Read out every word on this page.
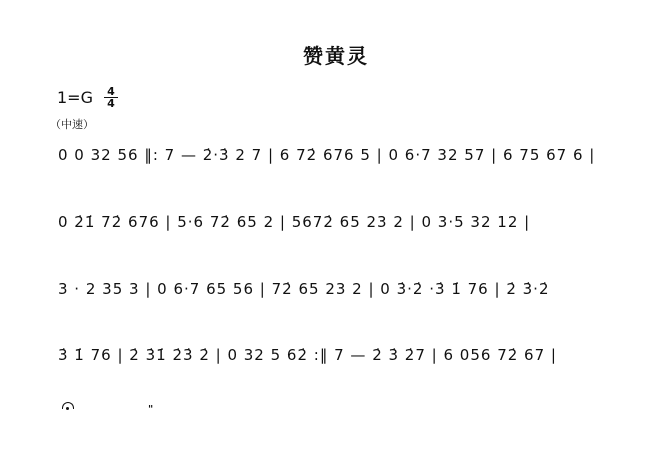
赞黄灵
$1=G \frac{4}{4}$
（中速）
0 0 32 56 ‖: 7 — 2̇·3̇ 2 7 | 6 72̇ 676 5 | 0 6·7 32 57 | 6 75 67 6 |
0 2̇1̇ 72̇ 676 | 5·6 72̇ 65 2 | 5672̇ 65 23 2 | 0 3·5 32 12 |
3 · 2 35 3 | 0 6·7 65 56 | 72̇ 65 23 2 | 0 3̇·2̇ ·3̇ 1̇ 76 | 2̇ 3̇·2̇
3̇ 1̇ 76 | 2̇ 3̇1̇ 2̇3̇ 2̇ | 0 32 5 62̇ :‖ 7 — 2̇ 3̇ 2̇7 | 6 056 72̇ 67 |
"
